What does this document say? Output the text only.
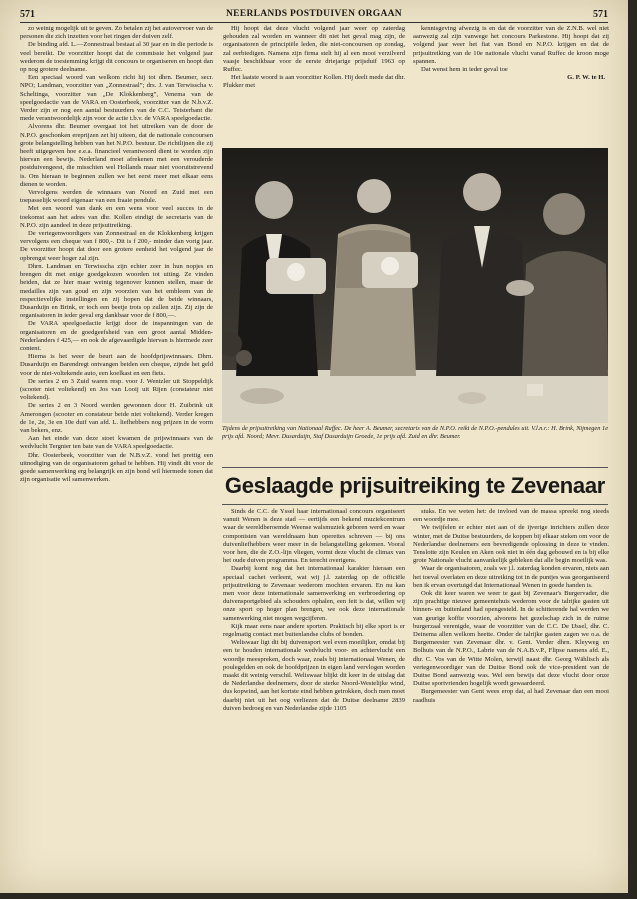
571	NEERLANDS POSTDUIVEN ORGAAN	571

zo weinig mogelijk uit te geven. Zo betalen zij het autovervoer van de personen die zich inzetten voor het ringen der duiven zelf.

De binding afd. L.—Zonnestraal bestaat al 30 jaar en in die periode is veel bereikt. De voorzitter hoopt dat de commissie het volgend jaar wederom de toestemming krijgt dit concours te organiseren en hoopt dan op nog grotere deelname.

Een speciaal woord van welkom richt hij tot dhrn. Beumer, secr. NPO; Landman, voorzitter van „Zonnestraal”; drs. J. van Terwisscha v. Scheltinga, voorzitter van „De Klokkenberg”, Venema van de speelgoedactie van de VARA en Oosterbeek, voorzitter van de N.b.v.Z. Verder zijn er nog een aantal bestuurders van de C.C. Teisterbant die mede verantwoordelijk zijn voor de actie t.b.v. de VARA speelgoedactie.

Alvorens dhr. Beumer overgaat tot het uitreiken van de door de N.P.O. geschonken ereprijzen zet hij uiteen, dat de nationale concoursen grote belangstelling hebben van het N.P.O. bestuur. De richtlijnen die zij heeft uitgegeven hoe e.e.a. financieel verantwoord dient te worden zijn hiervan een bewijs. Nederland moet afrekenen met een verouderde postduivengeest, die misschien wel Hollands maar niet vooruitstrevend is. Om hieraan te beginnen zullen we het eerst meer met elkaar eens dienen te worden.

Vervolgens werden de winnaars van Noord en Zuid met een toepasselijk woord eigenaar van een fraaie pendule.

Met een woord van dank en een wens voor veel succes in de toekomst aan het adres van dhr. Kollen eindigt de secretaris van de N.P.O. zijn aandeel in deze prijsuitreiking.

De vertegenwoordigers van Zonnestraal en de Klokkenberg krijgen vervolgens een cheque van f 800,-. Dit is f 200,- minder dan vorig jaar. De voorzitter hoopt dat door een grotere eenheid het volgend jaar de opbrengst weer hoger zal zijn.

Dhrn. Landman en Terwisscha zijn echter zeer in hun nopjes en brengen dit met enige goedgekozen woorden tot uiting. Ze vinden beiden, dat ze hier maar weinig tegenover kunnen stellen, maar de medailles zijn van goud en zijn voorzien van het embleem van de respectievelijke instellingen en zij hopen dat de beide winnaars, Dusarduijn en Brink, er toch een beetje trots op zullen zijn. Zij zijn de organisatoren in ieder geval erg dankbaar voor de f 800,—.

De VARA speelgoedactie krijgt door de inspanningen van de organisatoren en de goedgeefsheid van een groot aantal Midden-Nederlanders f 425,— en ook de afgevaardigde hiervan is hiermede zeer content.

Hierna is het weer de beurt aan de hoofdprijswinnaars. Dhrn. Dusarduijn en Barendregt ontvangen beiden een cheque, zijnde het geld voor de niet-voltekende auto, een koelkast en een fiets.

De series 2 en 3 Zuid waren resp. voor J. Wentzler uit Stoppeldijk (scooter niet voltekend) en Jos van Looij uit Rijen (constateur niet voltekend).

De series 2 en 3 Noord werden gewonnen door H. Zuibrink uit Amerongen (scooter en constateur beide niet voltekend). Verder kregen de 1e, 2e, 3e en 10e duif van afd. L. liefhebbers nog prijzen in de vorm van bekers, enz.

Aan het einde van deze stoet kwamen de prijswinnaars van de wedvlucht Tergnier ten bate van de VARA speelgoedactie.

Dhr. Oosterbeek, voorzitter van de N.B.v.Z. vond het prettig een uitnodiging van de organisatoren gehad te hebben. Hij vindt dit voor de goede samenwerking erg belangrijk en zijn bond wil hiermede tonen dat zijn organisatie wil samenwerken.

Hij hoopt dat deze vlucht volgend jaar weer op zaterdag gehouden zal worden en wanneer dit niet het geval mag zijn, de organisatoren de principiële leden, die niet-concoursen op zondag, zal eerbiedigen. Namens zijn firma stelt hij al een mooi verzilverd vaasje beschikbaar voor de eerste driejarige prijsduif 1963 op Ruffec.

Het laatste woord is aan voorzitter Kollen. Hij deelt mede dat dhr. Plukker met

kennisgeving afwezig is en dat de voorzitter van de Z.N.B. wel niet aanwezig zal zijn vanwege het concours Parkestone. Hij hoopt dat zij volgend jaar weer het fiat van Bond en N.P.O. krijgen en dat de prijsuitreiking van de 10e nationale vlucht vanaf Ruffec de kroon moge spannen.

Dat wenst hem in ieder geval toe

G. P. W. te H.

Tijdens de prijsuitreiking van Nationaal Ruffec. De heer A. Beumer, secretaris van de N.P.O. reikt de N.P.O.-pendules uit. V.l.n.r.: H. Brink, Nijmegen 1e prijs afd. Noord; Mevr. Dusarduijn, Staf Dusarduijn Groede, 1e prijs afd. Zuid en dhr. Beumer.
Geslaagde prijsuitreiking te Zevenaar

Sinds de C.C. de Yssel haar internationaal concours organiseert vanuit Wenen is deze stad — eertijds een bekend muziekcentrum waar de wereldberoemde Weense walsmuziek geboren werd en waar componisten van wereldnaam hun operettes schreven — bij ons duivenliefhebbers weer meer in de belangstelling gekomen. Vooral voor hen, die de Z.O.-lijn vliegen, vormt deze vlucht de climax van het oude duiven programma. En terecht overigens.

Daarbij komt nog dat het internationaal karakter hieraan een speciaal cachet verleent, wat wij j.l. zaterdag op de officiële prijsuitreiking te Zevenaar wederom mochten ervaren. En nu kan men voor deze internationale samenwerking en verbroedering op duivensportgebied als schouders ophalen, een feit is dat, willen wij onze sport op hoger plan brengen, we ook deze internationale samenwerking niet mogen wegcijferen.

Kijk maar eens naar andere sporten. Praktisch bij elke sport is er regelmatig contact met buitenlandse clubs of bonden.

Weliswaar ligt dit bij duivensport wel even moeilijker, omdat bij een te houden internationale wedvlucht voor- en achtervlucht een woordje meespreken, doch waar, zoals bij internationaal Wenen, de poulegelden en ook de hoofdprijzen in eigen land vervlogen worden maakt dit weinig verschil. Weliswaar blijkt dit keer in de uitslag dat de Nederlandse deelnemers, door de sterke Noord-Westelijke wind, dus kopwind, aan het kortste eind hebben getrokken, doch men moet daarbij niet uit het oog verliezen dat de Duitse deelname 2839 duiven bedroeg en van Nederlandse zijde 1105

stuks. En we weten het: de invloed van de massa spreekt nog steeds een woordje mee.

We twijfelen er echter niet aan of de ijverige inrichters zullen deze winter, met de Duitse bestuurders, de koppen bij elkaar steken om voor de Nederlandse deelnemers een bevredigende oplossing in deze te vinden. Tenslotte zijn Keulen en Aken ook niet in één dag gebouwd en is bij elke grote Nationale vlucht aanvankelijk gebleken dat alle begin moeilijk was.

Waar de organisatoren, zoals we j.l. zaterdag konden ervaren, niets aan het toeval overlaten en deze uitreiking tot in de puntjes was georganiseerd ben ik ervan overtuigd dat Internationaal Wenen in goede handen is.

Ook dit keer waren we weer te gast bij Zevenaar's Burgervader, die zijn prachtige nieuwe gemeentehuis wederom voor de talrijke gasten uit binnen- en buitenland had opengesteld. In de schitterende hal werden we van geurige koffie voorzien, alvorens het gezelschap zich in de ruime burgerzaal verenigde, waar de voorzitter van de C.C. De IJssel, dhr. C. Deinema allen welkom heette. Onder de talrijke gasten zagen we o.a. de Burgemeester van Zevenaar dhr. v. Gent. Verder dhrn. Kleyweg en Bolhuis van de N.P.O., Labrie van de N.A.B.v.P., Flipse namens afd. E., dhr. C. Vos van de Witte Molen, terwijl naast dhr. Georg Wählisch als vertegenwoordiger van de Duitse Bond ook de vice-president van de Duitse Bond aanwezig was. Wel een bewijs dat deze vlucht door onze Duitse sportvrienden hogelijk wordt gewaardeerd.

Burgemeester van Gent wees erop dat, al had Zevenaar dan een mooi raadhuis
